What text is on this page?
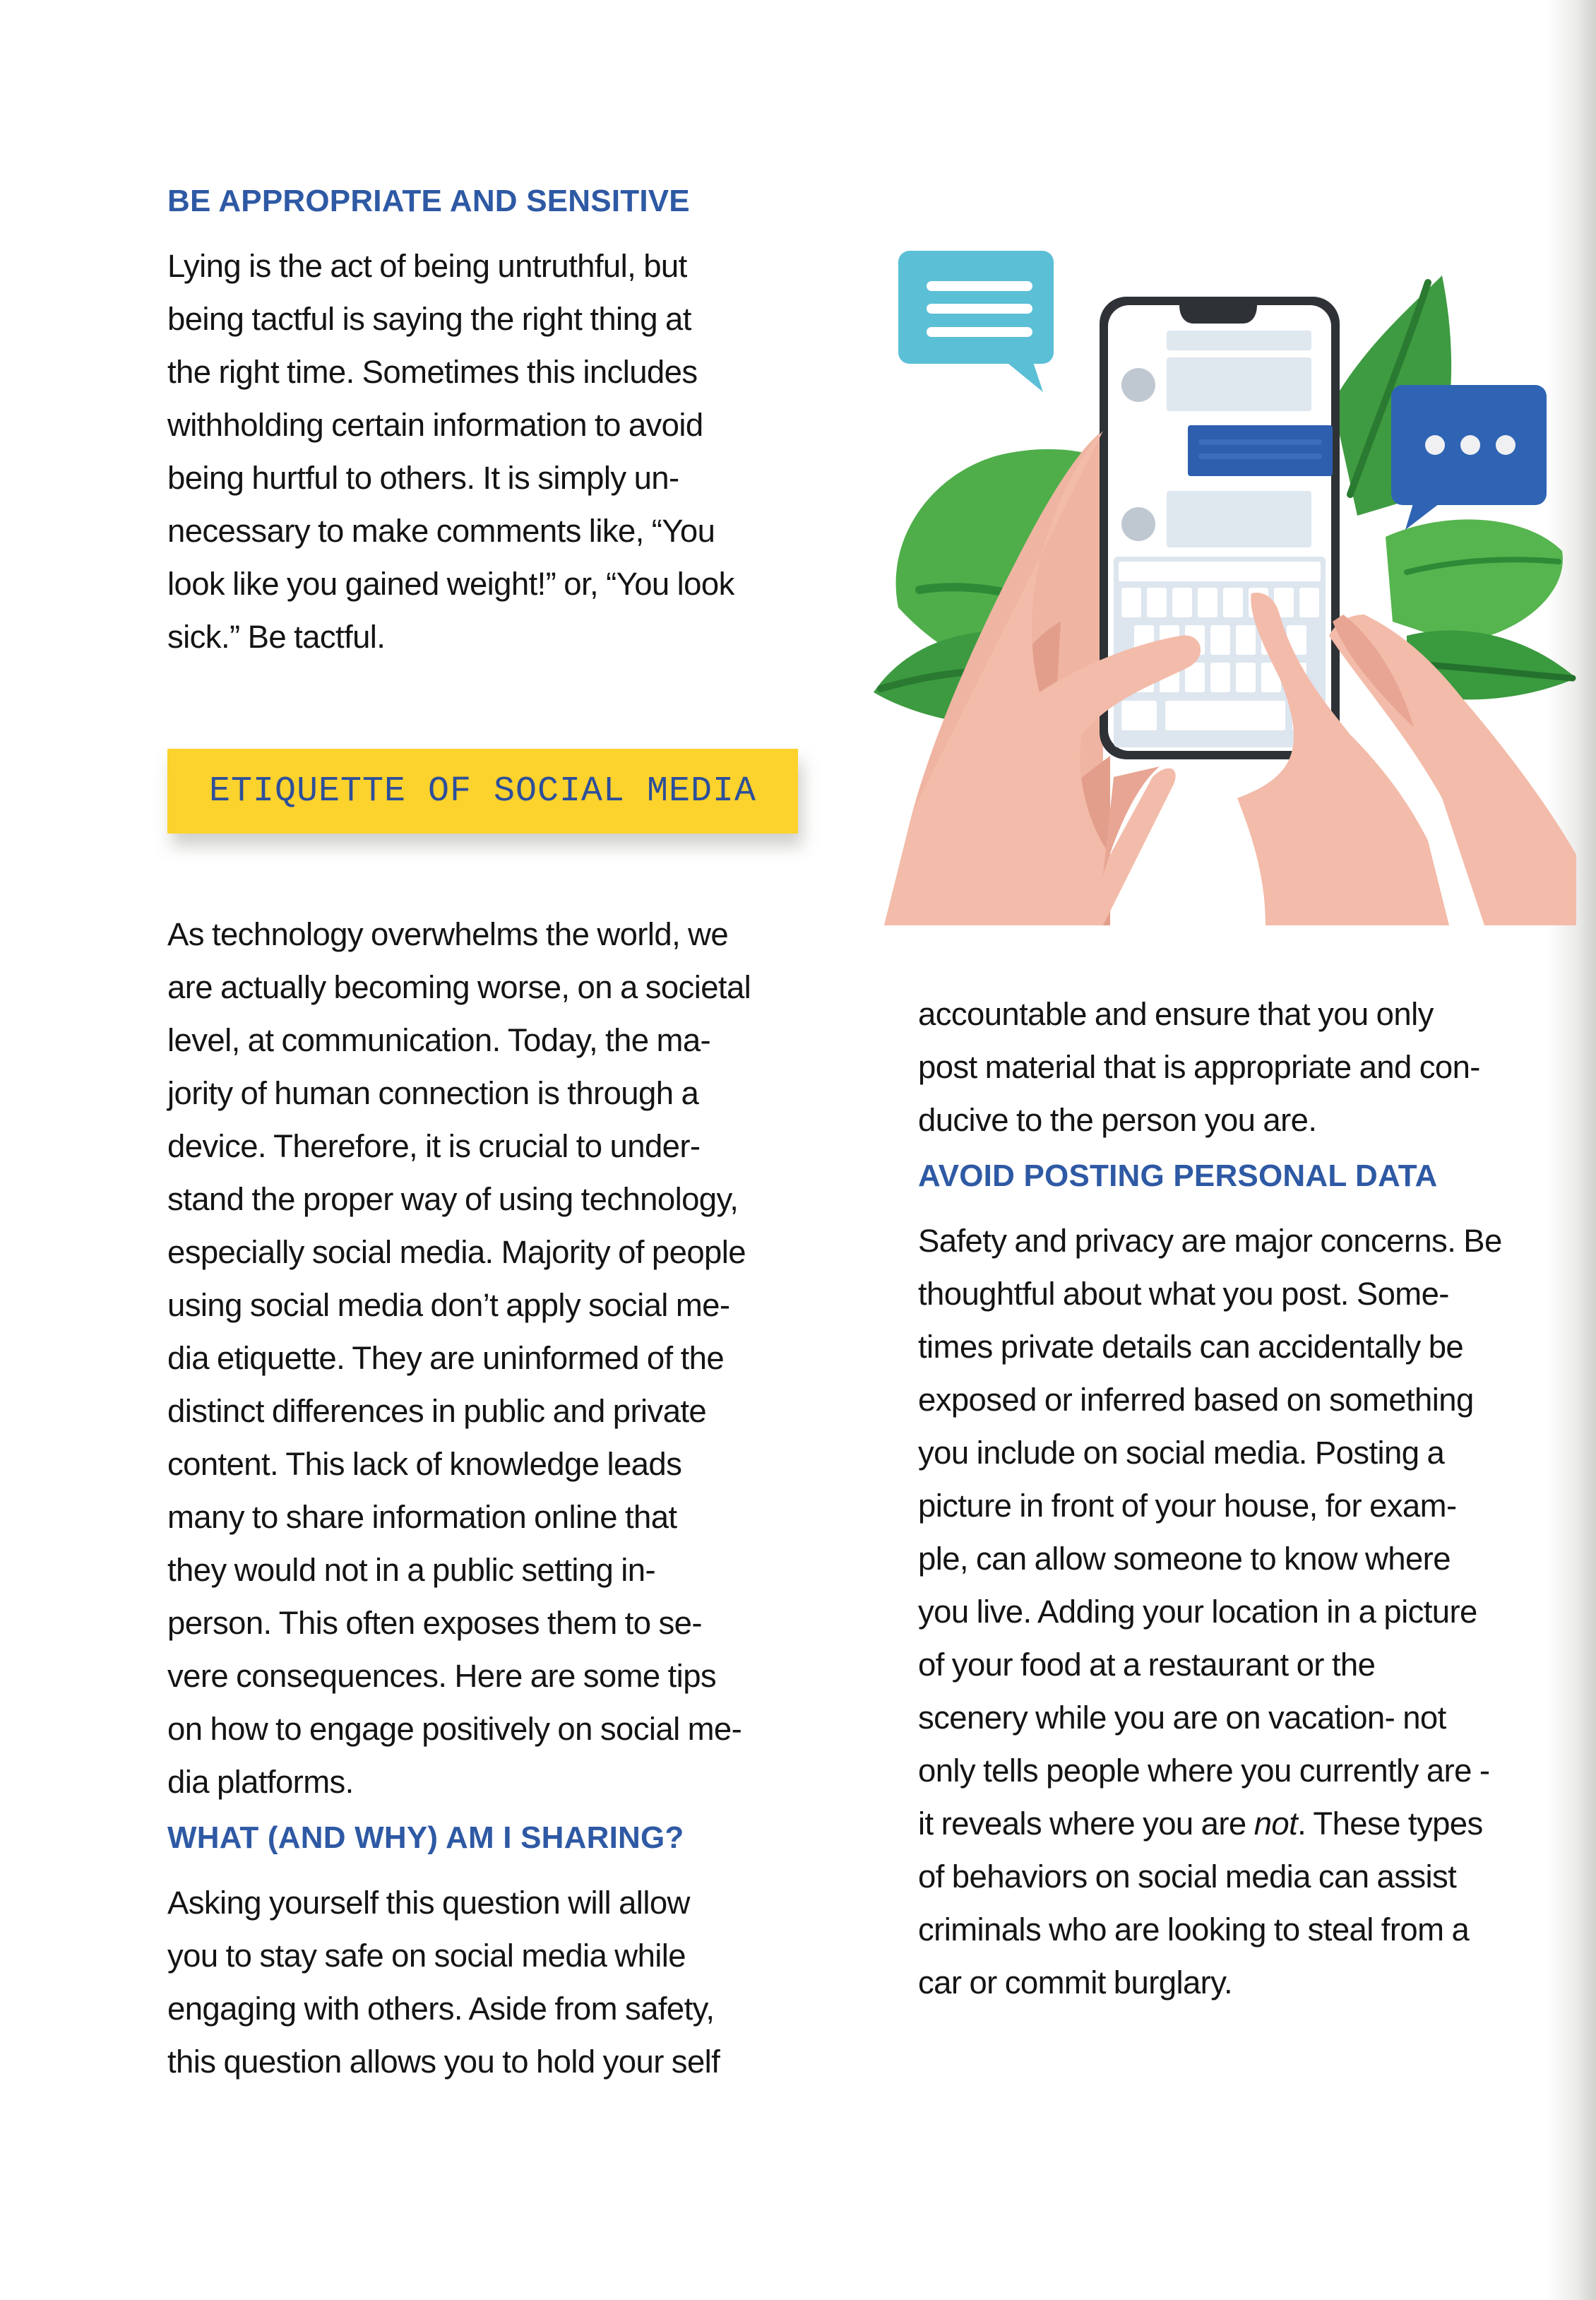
BE APPROPRIATE AND SENSITIVE

Lying is the act of being untruthful, but
being tactful is saying the right thing at
the right time. Sometimes this includes
withholding certain information to avoid
being hurtful to others. It is simply un-
necessary to make comments like, “You
look like you gained weight!” or, “You look
sick.” Be tactful.

ETIQUETTE OF SOCIAL MEDIA

As technology overwhelms the world, we
are actually becoming worse, on a societal
level, at communication. Today, the ma-
jority of human connection is through a
device. Therefore, it is crucial to under-
stand the proper way of using technology,
especially social media. Majority of people
using social media don’t apply social me-
dia etiquette. They are uninformed of the
distinct differences in public and private
content. This lack of knowledge leads
many to share information online that
they would not in a public setting in-
person. This often exposes them to se-
vere consequences. Here are some tips
on how to engage positively on social me-
dia platforms.

WHAT (AND WHY) AM I SHARING?

Asking yourself this question will allow
you to stay safe on social media while
engaging with others. Aside from safety,
this question allows you to hold your self

accountable and ensure that you only
post material that is appropriate and con-
ducive to the person you are.

AVOID POSTING PERSONAL DATA

Safety and privacy are major concerns. Be
thoughtful about what you post. Some-
times private details can accidentally be
exposed or inferred based on something
you include on social media. Posting a
picture in front of your house, for exam-
ple, can allow someone to know where
you live. Adding your location in a picture
of your food at a restaurant or the
scenery while you are on vacation- not
only tells people where you currently are -
it reveals where you are not. These types
of behaviors on social media can assist
criminals who are looking to steal from a
car or commit burglary.
